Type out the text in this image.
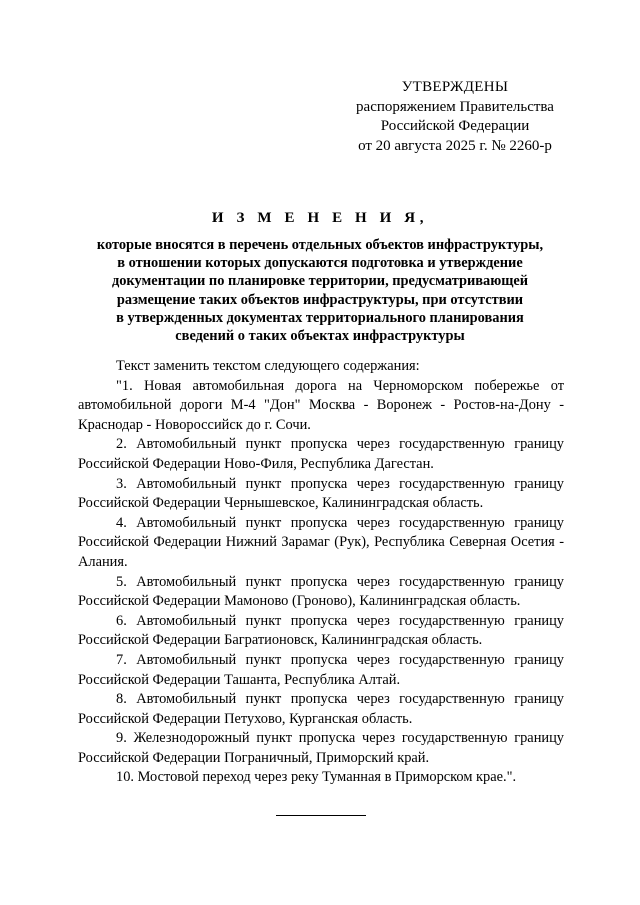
УТВЕРЖДЕНЫ
распоряжением Правительства
Российской Федерации
от 20 августа 2025 г. № 2260-р
И З М Е Н Е Н И Я,
которые вносятся в перечень отдельных объектов инфраструктуры,
в отношении которых допускаются подготовка и утверждение
документации по планировке территории, предусматривающей
размещение таких объектов инфраструктуры, при отсутствии
в утвержденных документах территориального планирования
сведений о таких объектах инфраструктуры

Текст заменить текстом следующего содержания:

"1. Новая автомобильная дорога на Черноморском побережье от автомобильной дороги М-4 "Дон" Москва - Воронеж - Ростов-на-Дону - Краснодар - Новороссийск до г. Сочи.

2. Автомобильный пункт пропуска через государственную границу Российской Федерации Ново-Филя, Республика Дагестан.

3. Автомобильный пункт пропуска через государственную границу Российской Федерации Чернышевское, Калининградская область.

4. Автомобильный пункт пропуска через государственную границу Российской Федерации Нижний Зарамаг (Рук), Республика Северная Осетия - Алания.

5. Автомобильный пункт пропуска через государственную границу Российской Федерации Мамоново (Гроново), Калининградская область.

6. Автомобильный пункт пропуска через государственную границу Российской Федерации Багратионовск, Калининградская область.

7. Автомобильный пункт пропуска через государственную границу Российской Федерации Ташанта, Республика Алтай.

8. Автомобильный пункт пропуска через государственную границу Российской Федерации Петухово, Курганская область.

9. Железнодорожный пункт пропуска через государственную границу Российской Федерации Пограничный, Приморский край.

10. Мостовой переход через реку Туманная в Приморском крае.".
